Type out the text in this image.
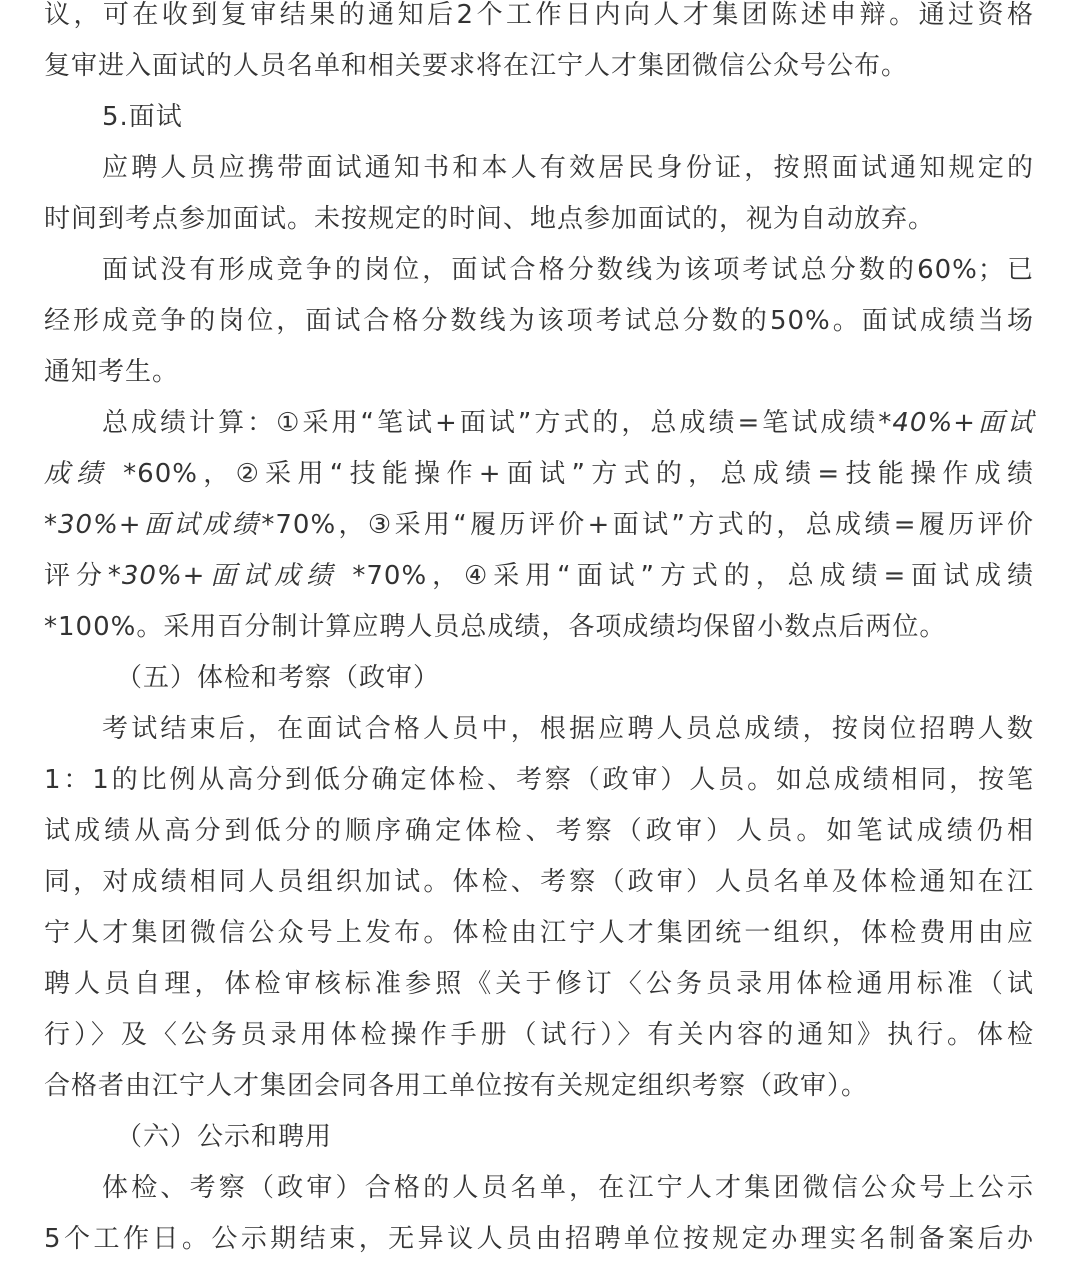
议，可在收到复审结果的通知后2个工作日内向人才集团陈述申辩。通过资格
复审进入面试的人员名单和相关要求将在江宁人才集团微信公众号公布。
5.面试
应聘人员应携带面试通知书和本人有效居民身份证，按照面试通知规定的
时间到考点参加面试。未按规定的时间、地点参加面试的，视为自动放弃。
面试没有形成竞争的岗位，面试合格分数线为该项考试总分数的60%；已
经形成竞争的岗位，面试合格分数线为该项考试总分数的50%。面试成绩当场
通知考生。
总成绩计算：①采用“笔试+面试”方式的，总成绩=笔试成绩*40%+面试
成绩 *60%，②采用“技能操作+面试”方式的，总成绩=技能操作成绩
*30%+面试成绩*70%，③采用“履历评价+面试”方式的，总成绩=履历评价
评分*30%+面试成绩 *70%，④采用“面试”方式的，总成绩=面试成绩
*100%。采用百分制计算应聘人员总成绩，各项成绩均保留小数点后两位。
（五）体检和考察（政审）
考试结束后，在面试合格人员中，根据应聘人员总成绩，按岗位招聘人数
1：1的比例从高分到低分确定体检、考察（政审）人员。如总成绩相同，按笔
试成绩从高分到低分的顺序确定体检、考察（政审）人员。如笔试成绩仍相
同，对成绩相同人员组织加试。体检、考察（政审）人员名单及体检通知在江
宁人才集团微信公众号上发布。体检由江宁人才集团统一组织，体检费用由应
聘人员自理，体检审核标准参照《关于修订〈公务员录用体检通用标准（试
行）〉及〈公务员录用体检操作手册（试行）〉有关内容的通知》执行。体检
合格者由江宁人才集团会同各用工单位按有关规定组织考察（政审）。
（六）公示和聘用
体检、考察（政审）合格的人员名单，在江宁人才集团微信公众号上公示
5个工作日。公示期结束，无异议人员由招聘单位按规定办理实名制备案后办
